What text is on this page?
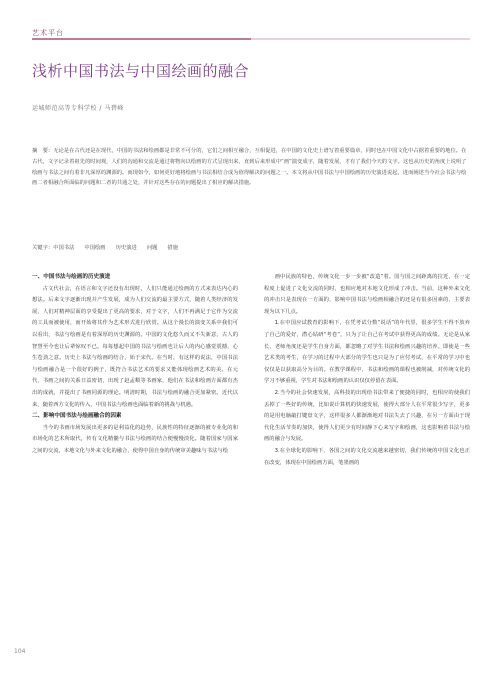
艺术平台
浅析中国书法与中国绘画的融合
运城师范高等专科学校 / 马碧峰
摘　要：无论是在古代还是在现代，中国的书法和绘画都是非常不可分的，它们之间相互融合，互相促进，在中国的文化史上谱写着重要篇章，同时也在中国文化中占据着重要的地位。在古代，文字记录着祖先的时间观，人们的沟通和交流是通过将物向以绘画的方式呈现出来，直到后来形成中“画”演变成字，随着发展，才有了我们今天的文字。这也从历史的角度上说明了绘画与书法之间有着非凡深厚的渊源的。而现如今，如何更好地将绘画与书法相结合成为值得解决的问题之一。本文将从中国书法与中国绘画的历史演进说起，进而阐述当今社会书法与绘画二者相融合所面临的问题和二者的共通之处，并针对这些存在的问题提出了相应的解决措施。
关键字：中国书法 中国绘画 历史演进 问题 措施
一、中国书法与绘画的历史演进

古文代社会，在语言和文字还没有出现时，人们只能通过绘画的方式来表达内心的想法。后来文字逐渐出现并产生发展，成为人们交流的最主要方式，随着人类经济的发展，人们对精神层面的享受提出了更高的要求，对于文字，人们不再满足于它作为交流的工具而被使用，而开始将其作为艺术形式进行欣赏。从这个漫长的演变关系中我们可以看出，书法与绘画是有着深厚的历史渊源的。中国的文化悠久而又不失新意，古人的智慧至今也让后辈惊叹不已。每每想起中国的书法与绘画也让后人的内心感觉震撼，心生苍劲之意。历史上书法与绘画的结合，始于宋代。在当时，有这样的说法，中国书法与绘画融合是一个很好的例子，既符合书法艺术的要求又能体现绘画艺术的美。在元代，书画之间的关系日益密切，出现了赵孟頫等书画家，他们在书法和绘画方面都有杰出的成就，并提出了书画同源的理论。明清时期，书法与绘画的融合更加紧密。近代以来，随着西方文化的传入，中国书法与绘画也面临着新的挑战与机遇。

二、影响中国书法与绘画融合的因素

当今的书画市场发展出更多的是利益化的趋势，民族性的特征逐渐的被专业化的和市场化的艺术所取代，传有文化精髓与书法与绘画的结合便慢慢淡化。随着国家与国家之间的交流，本地文化与外来文化的融合，使得中国自身的传统审美趣味与书法与绘

画中民族的特色，传统文化一步一步被“改造”着。国与国之间距离的拉近，在一定程度上促进了文化交流的同时，也相应地对本地文化形成了冲击。当前，这种外来文化的冲击只是表现在一方面的，影响中国书法与绘画相融合的还是有很多因素的，主要表现为以下几点。

1.在中国应试教育的影响下，在凭考试分数“说话”的年代里，很多学生不得不放弃了自己的爱好，潜心钻研“考卷”，只为了让自己在考试中获得更高的成绩。无论是从家长、老师角度还是学生自身方面，都忽略了对学生书法和绘画兴趣的培养。即使是一些艺术类的考生，在学习的过程中大部分的学生也只是为了应付考试，在平常的学习中也仅仅是以获取高分为目的。在教学课程中，书法和绘画的课程也被削减，对传统文化的学习不够重视，学生对书法和绘画的认识仅仅停留在表面。

2.当今的社会快速发展，高科技的出现给书法带来了便捷的同时，也相应的使我们丢掉了一些好的传统，比如说计算机的快速发展，使得大部分人在平常很少写字，更多的是用电脑敲打键盘文字，这样很多人都渐渐地对书法失去了兴趣，在另一方面由于现代化生活节奏的加快，使得人们更少有时间静下心来写字和绘画，这也影响着书法与绘画的融合与发展。

3.在全球化的影响下，各国之间的文化交流越来越密切，我们传统的中国文化也正在改变，体现在中国绘画方面，笔墨画的

104
